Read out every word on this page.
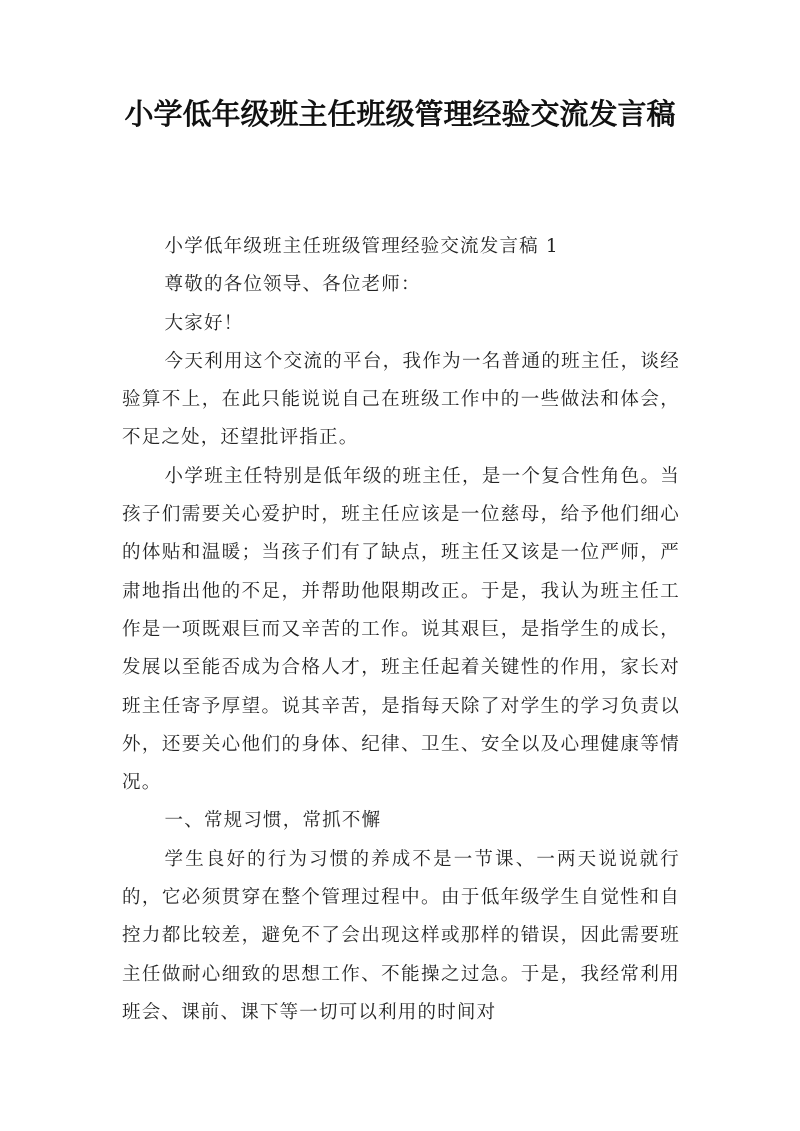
小学低年级班主任班级管理经验交流发言稿

小学低年级班主任班级管理经验交流发言稿 1

尊敬的各位领导、各位老师：

大家好！

今天利用这个交流的平台，我作为一名普通的班主任，谈经验算不上，在此只能说说自己在班级工作中的一些做法和体会，不足之处，还望批评指正。

小学班主任特别是低年级的班主任，是一个复合性角色。当孩子们需要关心爱护时，班主任应该是一位慈母，给予他们细心的体贴和温暖；当孩子们有了缺点，班主任又该是一位严师，严肃地指出他的不足，并帮助他限期改正。于是，我认为班主任工作是一项既艰巨而又辛苦的工作。说其艰巨，是指学生的成长，发展以至能否成为合格人才，班主任起着关键性的作用，家长对班主任寄予厚望。说其辛苦，是指每天除了对学生的学习负责以外，还要关心他们的身体、纪律、卫生、安全以及心理健康等情况。

一、常规习惯，常抓不懈

学生良好的行为习惯的养成不是一节课、一两天说说就行的，它必须贯穿在整个管理过程中。由于低年级学生自觉性和自控力都比较差，避免不了会出现这样或那样的错误，因此需要班主任做耐心细致的思想工作、不能操之过急。于是，我经常利用班会、课前、课下等一切可以利用的时间对
